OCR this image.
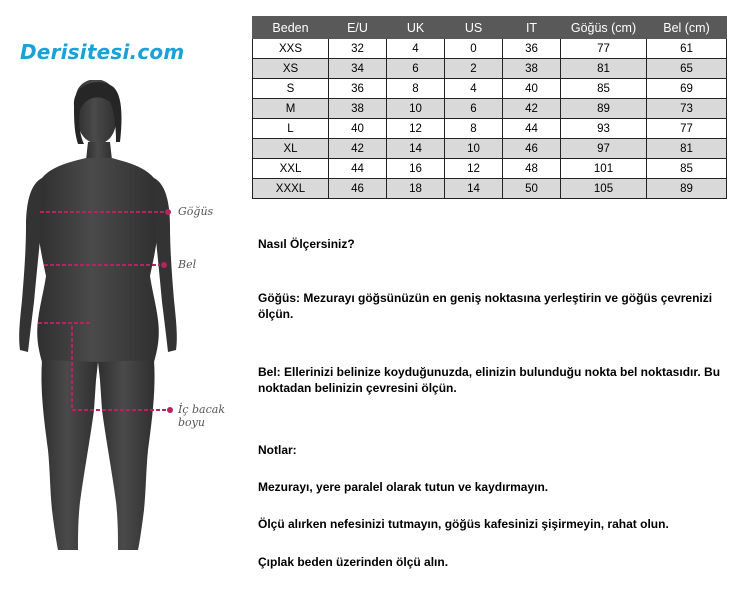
Derisitesi.com
Göğüs
Bel
İç bacak boyu
Beden	E/U	UK	US	IT	Göğüs (cm)	Bel (cm)
XXS	32	4	0	36	77	61
XS	34	6	2	38	81	65
S	36	8	4	40	85	69
M	38	10	6	42	89	73
L	40	12	8	44	93	77
XL	42	14	10	46	97	81
XXL	44	16	12	48	101	85
XXXL	46	18	14	50	105	89

Nasıl Ölçersiniz?

Göğüs: Mezurayı göğsünüzün en geniş noktasına yerleştirin ve göğüs çevrenizi ölçün.

Bel: Ellerinizi belinize koyduğunuzda, elinizin bulunduğu nokta bel noktasıdır. Bu noktadan belinizin çevresini ölçün.

Notlar:

Mezurayı, yere paralel olarak tutun ve kaydırmayın.

Ölçü alırken nefesinizi tutmayın, göğüs kafesinizi şişirmeyin, rahat olun.

Çıplak beden üzerinden ölçü alın.
